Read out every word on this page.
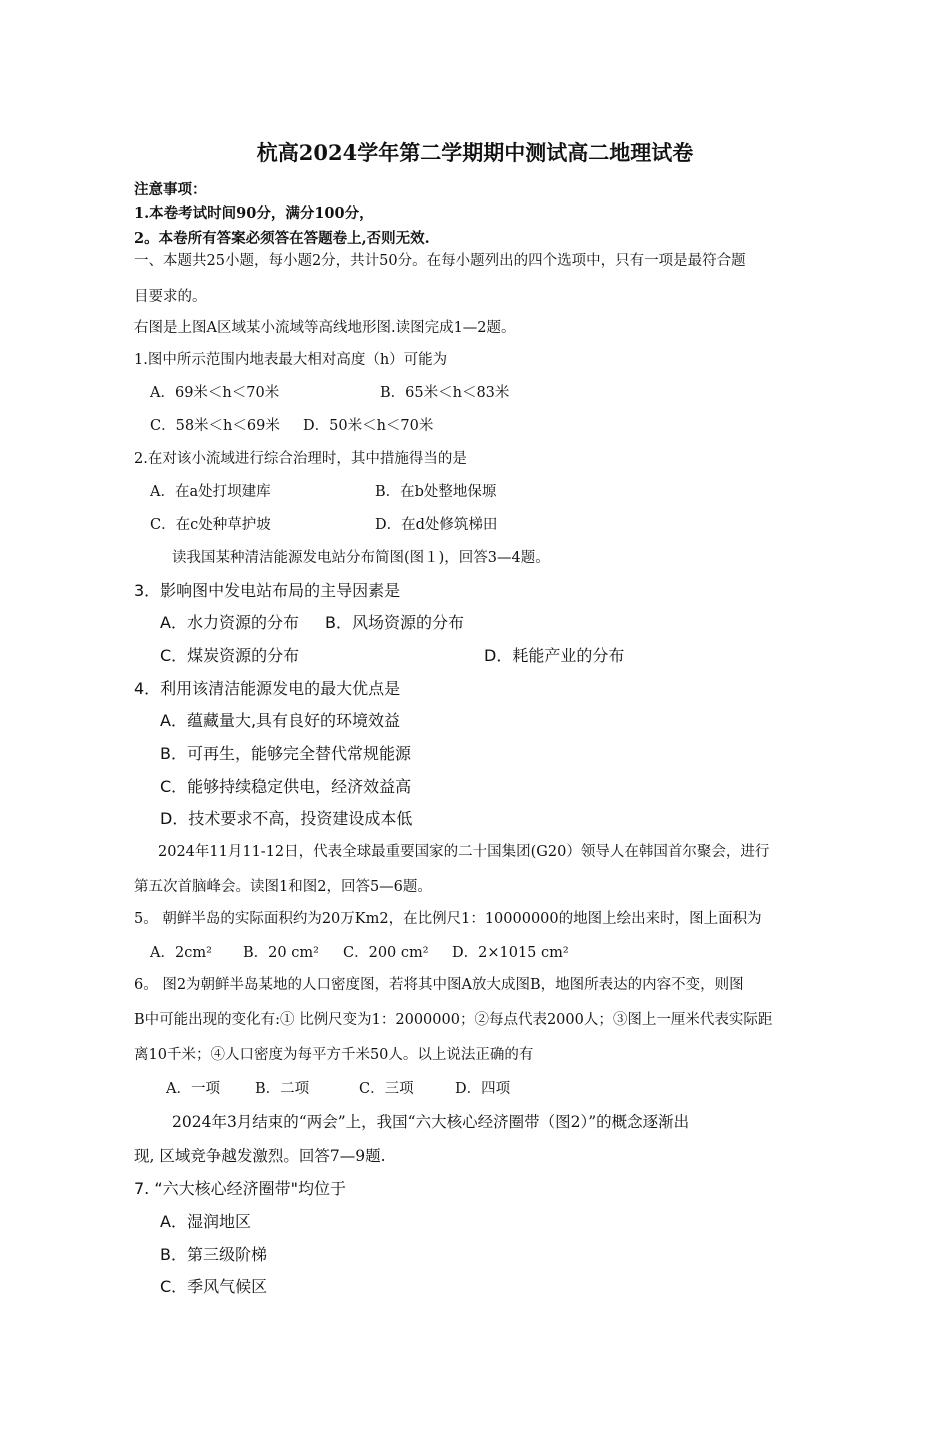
杭高2024学年第二学期期中测试高二地理试卷
注意事项：
1.本卷考试时间90分，满分100分，
2。本卷所有答案必须答在答题卷上,否则无效.
一、本题共25小题，每小题2分，共计50分。在每小题列出的四个选项中，只有一项是最符合题
目要求的。
右图是上图A区域某小流域等高线地形图.读图完成1—2题。
1.图中所示范围内地表最大相对高度（h）可能为
A．69米＜h＜70米	B．65米＜h＜83米
C．58米＜h＜69米 D．50米＜h＜70米
2.在对该小流域进行综合治理时，其中措施得当的是
A．在a处打坝建库	B．在b处整地保塬
C．在c处种草护坡	D．在d处修筑梯田
读我国某种清洁能源发电站分布简图(图１)，回答3—4题。
3．影响图中发电站布局的主导因素是
A．水力资源的分布 B．风场资源的分布
C．煤炭资源的分布	D．耗能产业的分布
4．利用该清洁能源发电的最大优点是
A．蕴藏量大,具有良好的环境效益
B．可再生，能够完全替代常规能源
C．能够持续稳定供电，经济效益高
D．技术要求不高，投资建设成本低
2024年11月11-12日，代表全球最重要国家的二十国集团(G20）领导人在韩国首尔聚会，进行
第五次首脑峰会。读图1和图2，回答5—6题。
5。 朝鲜半岛的实际面积约为20万Km2，在比例尺1：10000000的地图上绘出来时，图上面积为
A．2cm² B．20 cm² C．200 cm² D．2×1015 cm²
6。 图2为朝鲜半岛某地的人口密度图，若将其中图A放大成图B，地图所表达的内容不变，则图
B中可能出现的变化有:① 比例尺变为1：2000000；②每点代表2000人；③图上一厘米代表实际距
离10千米；④人口密度为每平方千米50人。以上说法正确的有
A．一项 B．二项	C．三项	D．四项
2024年3月结束的“两会”上，我国“六大核心经济圈带（图2）”的概念逐渐出
现, 区域竞争越发激烈。回答7—9题.
7. “六大核心经济圈带"均位于
A．湿润地区
B．第三级阶梯
C．季风气候区
